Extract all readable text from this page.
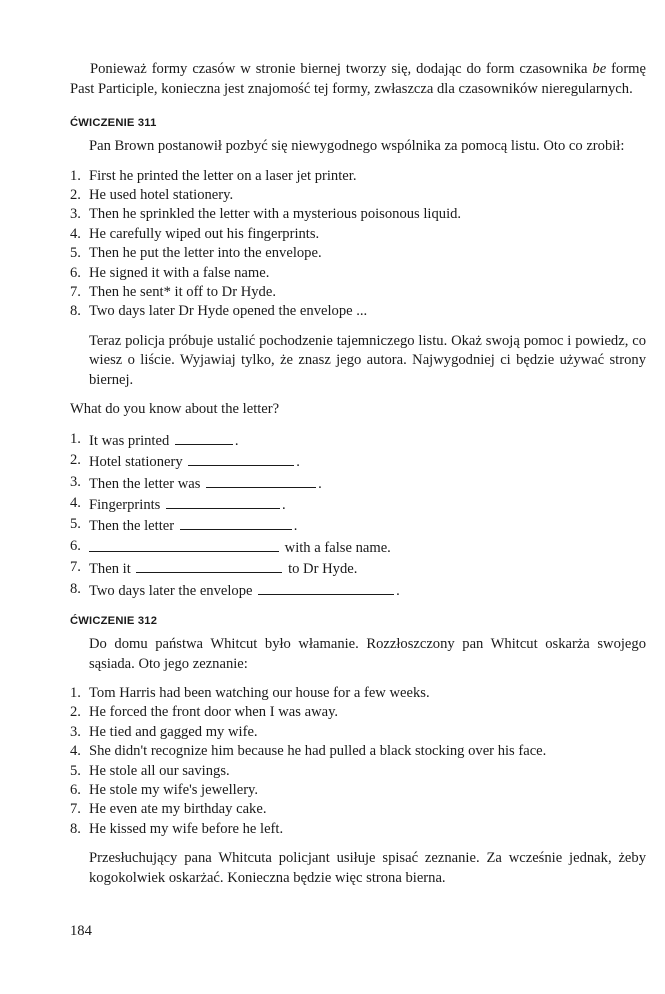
Ponieważ formy czasów w stronie biernej tworzy się, dodając do form czasownika be formę Past Participle, konieczna jest znajomość tej formy, zwłaszcza dla czasowników nieregularnych.

ĆWICZENIE 311

Pan Brown postanowił pozbyć się niewygodnego wspólnika za pomocą listu. Oto co zrobił:

1. First he printed the letter on a laser jet printer.
2. He used hotel stationery.
3. Then he sprinkled the letter with a mysterious poisonous liquid.
4. He carefully wiped out his fingerprints.
5. Then he put the letter into the envelope.
6. He signed it with a false name.
7. Then he sent* it off to Dr Hyde.
8. Two days later Dr Hyde opened the envelope ...

Teraz policja próbuje ustalić pochodzenie tajemniczego listu. Okaż swoją pomoc i powiedz, co wiesz o liście. Wyjawiaj tylko, że znasz jego autora. Najwygodniej ci będzie używać strony biernej.

What do you know about the letter?

1. It was printed	.
2. Hotel stationery	.
3. Then the letter was	.
4. Fingerprints	.
5. Then the letter	.
6.	with a false name.
7. Then it	to Dr Hyde.
8. Two days later the envelope	.
ĆWICZENIE 312

Do domu państwa Whitcut było włamanie. Rozzłoszczony pan Whitcut oskarża swojego sąsiada. Oto jego zeznanie:

1. Tom Harris had been watching our house for a few weeks.
2. He forced the front door when I was away.
3. He tied and gagged my wife.
4. She didn't recognize him because he had pulled a black stocking over his face.
5. He stole all our savings.
6. He stole my wife's jewellery.
7. He even ate my birthday cake.
8. He kissed my wife before he left.

Przesłuchujący pana Whitcuta policjant usiłuje spisać zeznanie. Za wcześnie jednak, żeby kogokolwiek oskarżać. Konieczna będzie więc strona bierna.

184
